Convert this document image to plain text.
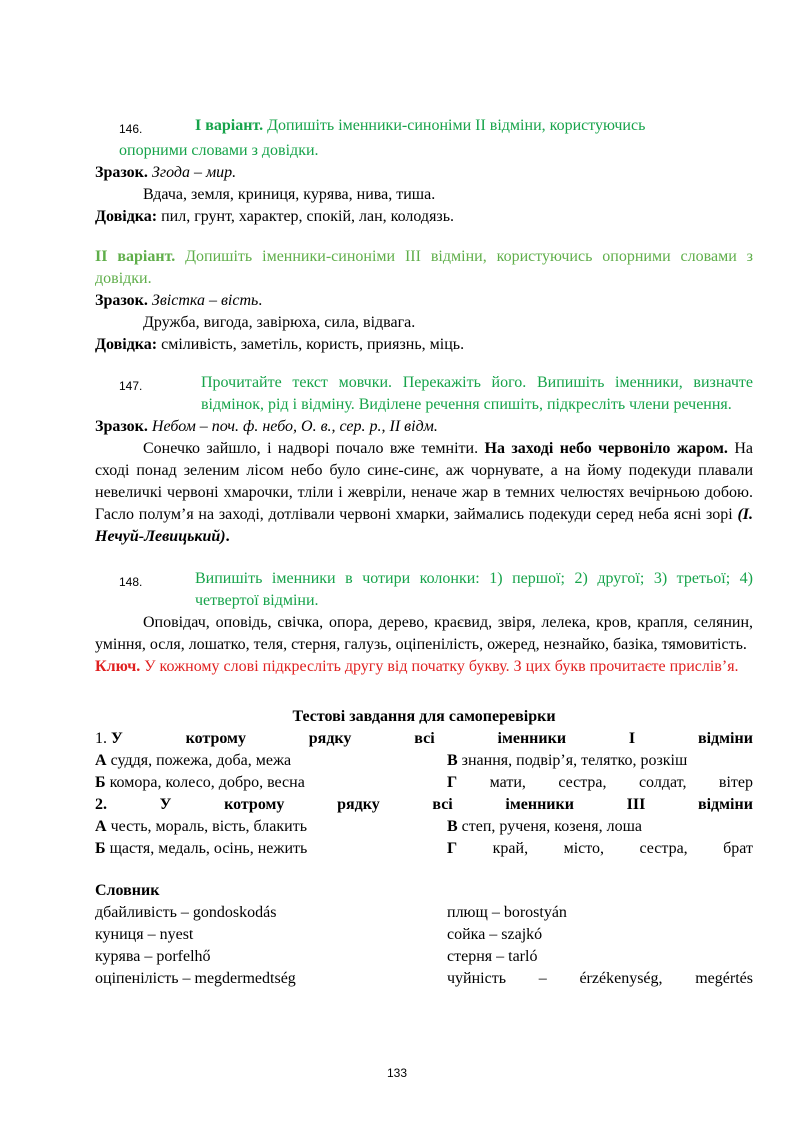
146.	I варіант. Допишіть іменники-синоніми ІІ відміни, користуючись
опорними словами з довідки.
Зразок. Згода – мир.
Вдача, земля, криниця, курява, нива, тиша.
Довідка: пил, грунт, характер, спокій, лан, колодязь.
ІІ варіант. Допишіть іменники-синоніми ІІІ відміни, користуючись опорними словами з довідки.
Зразок. Звістка – вість.
Дружба, вигода, завірюха, сила, відвага.
Довідка: сміливість, заметіль, користь, приязнь, міць.
147.	Прочитайте текст мовчки. Перекажіть його. Випишіть іменники, визначте відмінок, рід і відміну. Виділене речення спишіть, підкресліть члени речення.
Зразок. Небом – поч. ф. небо, О. в., сер. р., ІІ відм.
Сонечко зайшло, і надворі почало вже темніти. На заході небо червоніло жаром. На сході понад зеленим лісом небо було синє-синє, аж чорнувате, а на йому подекуди плавали невеличкі червоні хмарочки, тліли і жевріли, неначе жар в темних челюстях вечірньою добою. Гасло полум’я на заході, дотлівали червоні хмарки, займались подекуди серед неба ясні зорі (І. Нечуй-Левицький).
148.	Випишіть іменники в чотири колонки: 1) першої; 2) другої; 3) третьої; 4) четвертої відміни.
Оповідач, оповідь, свічка, опора, дерево, краєвид, звіря, лелека, кров, крапля, селянин, уміння, осля, лошатко, теля, стерня, галузь, оціпенілість, ожеред, незнайко, базіка, тямовитість.
Ключ. У кожному слові підкресліть другу від початку букву. З цих букв прочитаєте прислів’я.
Тестові завдання для самоперевірки
1. У	котрому	рядку	всі	іменники	І	відміни
А суддя, пожежа, доба, межа	В знання, подвір’я, телятко, розкіш
Б комора, колесо, добро, весна	Г мати, сестра, солдат, вітер
2.	У	котрому	рядку	всі	іменники	ІІІ	відміни
А честь, мораль, вість, блакить	В степ, рученя, козеня, лоша
Б щастя, медаль, осінь, нежить	Г край, місто, сестра, брат
Словник
дбайливість – gondoskodás	плющ – borostyán
куниця – nyest	сойка – szajkó
курява – porfelhő	стерня – tarló
оціпенілість – megdermedtség	чуйність – érzékenység, megértés
133
